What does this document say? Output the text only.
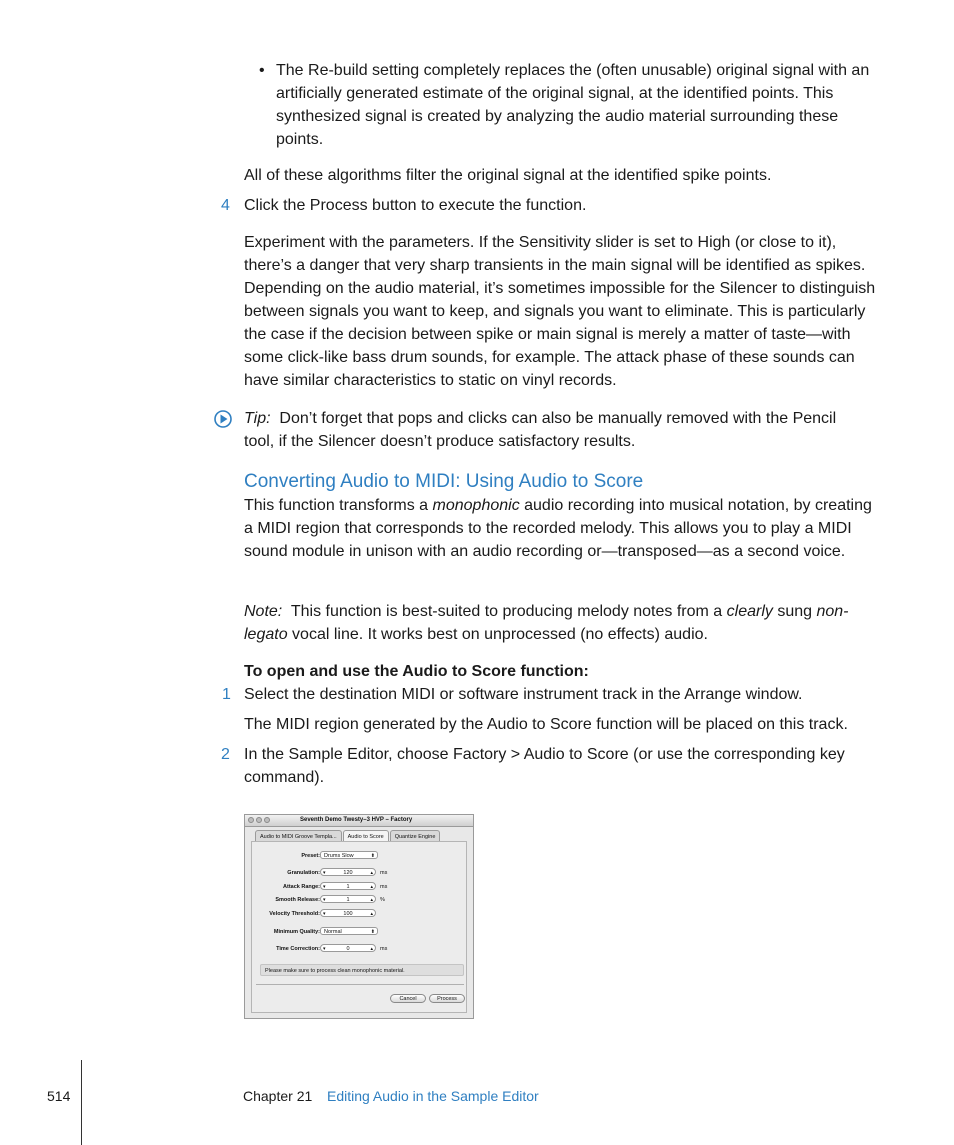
• The Re-build setting completely replaces the (often unusable) original signal with an artificially generated estimate of the original signal, at the identified points. This synthesized signal is created by analyzing the audio material surrounding these points.

All of these algorithms filter the original signal at the identified spike points.

4 Click the Process button to execute the function.

Experiment with the parameters. If the Sensitivity slider is set to High (or close to it), there’s a danger that very sharp transients in the main signal will be identified as spikes. Depending on the audio material, it’s sometimes impossible for the Silencer to distinguish between signals you want to keep, and signals you want to eliminate. This is particularly the case if the decision between spike or main signal is merely a matter of taste—with some click-like bass drum sounds, for example. The attack phase of these sounds can have similar characteristics to static on vinyl records.

Tip: Don’t forget that pops and clicks can also be manually removed with the Pencil tool, if the Silencer doesn’t produce satisfactory results.

Converting Audio to MIDI: Using Audio to Score

This function transforms a monophonic audio recording into musical notation, by creating a MIDI region that corresponds to the recorded melody. This allows you to play a MIDI sound module in unison with an audio recording or—transposed—as a second voice.

Note: This function is best-suited to producing melody notes from a clearly sung non-legato vocal line. It works best on unprocessed (no effects) audio.

To open and use the Audio to Score function:

1 Select the destination MIDI or software instrument track in the Arrange window.

The MIDI region generated by the Audio to Score function will be placed on this track.

2 In the Sample Editor, choose Factory > Audio to Score (or use the corresponding key command).

Seventh Demo Twesty–3 HVP – Factory
Audio to MIDI Groove Templa...	Audio to Score	Quantize Engine
Preset: Drums Slow	⬍
Granulation: ▾	120	▴ ms
Attack Range: ▾	1	▴ ms
Smooth Release: ▾	1	▴ %
Velocity Threshold: ▾	100	▴
Minimum Quality: Normal	⬍
Time Correction: ▾	0	▴ ms
Please make sure to process clean monophonic material.
Cancel	Process
514	Chapter 21 Editing Audio in the Sample Editor
